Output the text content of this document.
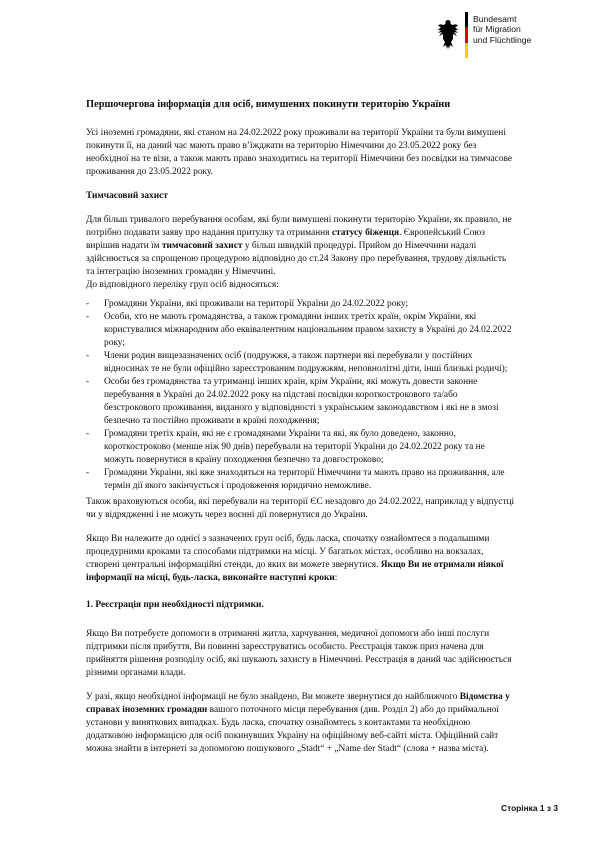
Bundesamt
für Migration
und Flüchtlinge

Першочергова інформація для осіб, вимушених покинути територію України

Усі іноземні громадяни, які станом на 24.02.2022 року проживали на території України та були вимушені покинути її, на даний час мають право в’їжджати на територію Німеччини до 23.05.2022 року без необхідної на те візи, а також мають право знаходитись на території Німеччини без посвідки на тимчасове проживання до 23.05.2022 року.

Тимчасовий захист

Для більш тривалого перебування особам, які були вимушені покинути територію України, як правило, не потрібно подавати заяву про надання притулку та отримання статусу біженця. Європейський Союз вирішив надати їм тимчасовий захист у більш швидкій процедурі. Прийом до Німеччини надалі здійснюється за спрощеною процедурою відповідно до ст.24 Закону про перебування, трудову діяльність та інтеграцію іноземних громадян у Німеччині.

До відповідного переліку груп осіб відносяться:

- Громадяни України, які проживали на території України до 24.02.2022 року;
- Особи, хто не мають громадянства, а також громадяни інших третіх країн, окрім України, які користувалися міжнародним або еквівалентним національним правом захисту в Україні до 24.02.2022 року;
- Члени родин вищезазначених осіб (подружжя, а також партнери які перебували у постійних відносинах те не були офіційно зареєстрованим подружжям, неповнолітні діти, інші близькі родичі);
- Особи без громадянства та утриманці інших країн, крім України, які можуть довести законне перебування в Україні до 24.02.2022 року на підставі посвідки короткострокового та/або безстрокового проживання, виданого у відповідності з українським законодавством і які не в змозі безпечно та постійно проживати в країні походження;
- Громадяни третіх країн, які не є громадянами України та які, як було доведено, законно, короткостроково (менше ніж 90 днів) перебували на території України до 24.02.2022 року та не можуть повернутися в країну походження безпечно та довгостроково;
- Громадяни України, які вже знаходяться на території Німеччини та мають право на проживання, але термін дії якого закінчується і продовження юридично неможливе.

Також враховуються особи, які перебували на території ЄС незадовго до 24.02.2022, наприклад у відпустці чи у відрядженні і не можуть через воєнні дії повернутися до України.

Якщо Ви належите до однієї з зазначених груп осіб, будь ласка, спочатку ознайомтеся з подальшими процедурними кроками та способами підтримки на місці. У багатьох містах, особливо на вокзалах, створені центральні інформаційні стенди, до яких ви можете звернутися. Якщо Ви не отримали ніякої інформації на місці, будь-ласка, виконайте наступні кроки:

1. Реєстрація при необхідності підтримки.

Якщо Ви потребуєте допомоги в отриманні житла, харчування, медичної допомоги або інші послуги підтримки після прибуття, Ви повинні зареєструватись особисто. Реєстрація також приз начена для прийняття рішення розподілу осіб, які шукають захисту в Німеччині. Реєстрація в даний час здійснюється різними органами влади.

У разі, якщо необхідної інформації не було знайдено, Ви можете звернутися до найближчого Відомства у справах іноземних громадян вашого поточного місця перебування (див. Розділ 2) або до приймальної установи у виняткових випадках. Будь ласка, спочатку ознайомтесь з контактами та необхідною додатковою інформацією для осіб покинувших Україну на офіційному веб-сайті міста. Офіційний сайт можна знайти в інтернеті за допомогою пошукового „Stadt“ + „Name der Stadt“ (слова + назва міста).

Сторінка 1 з 3
